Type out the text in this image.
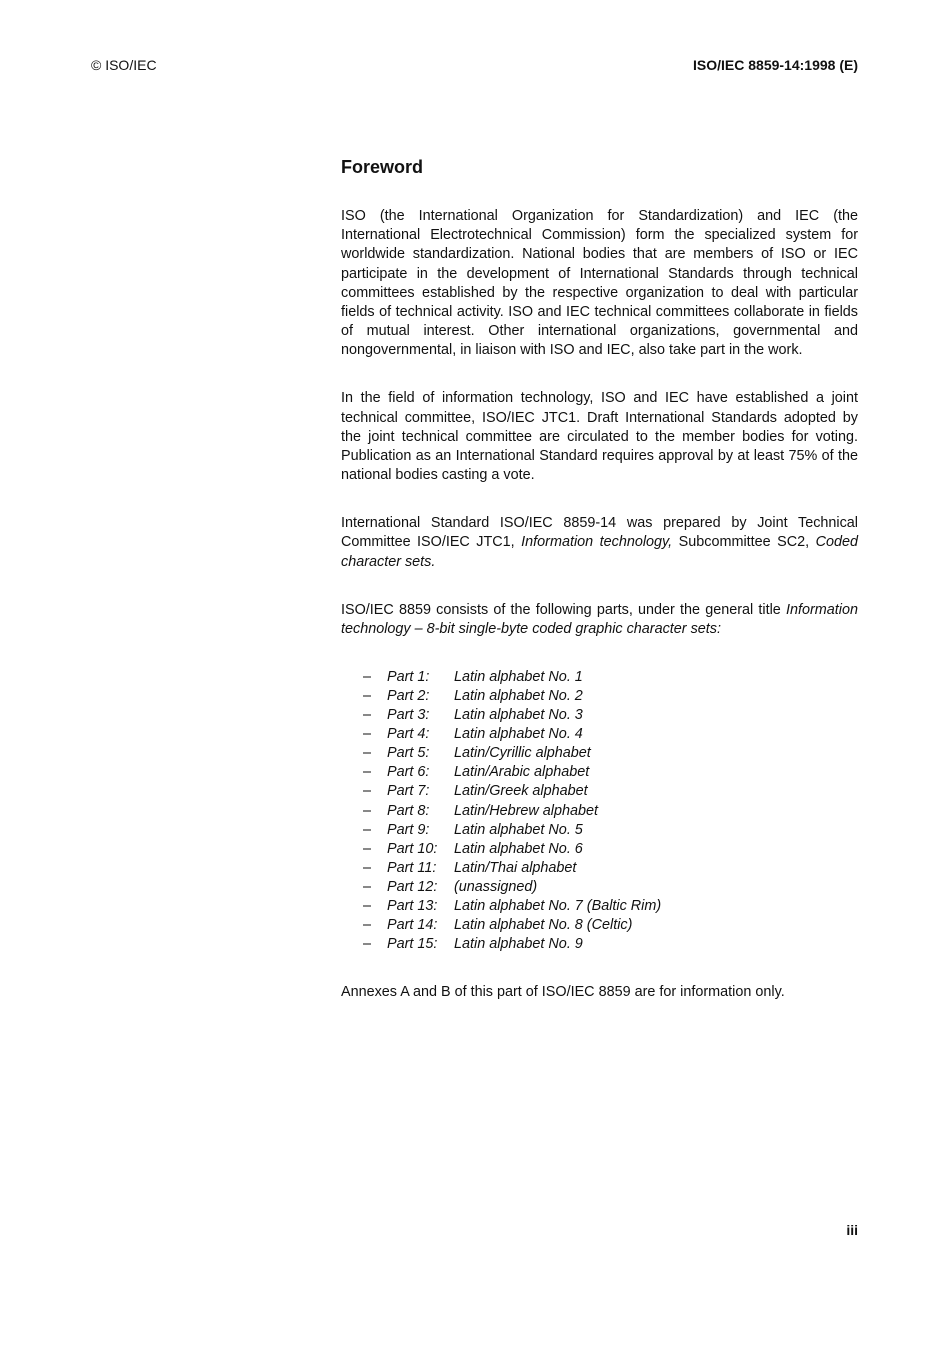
© ISO/IEC	ISO/IEC 8859-14:1998 (E)
Foreword

ISO (the International Organization for Standardization) and IEC (the International Electrotechnical Commission) form the specialized system for worldwide standardization. National bodies that are members of ISO or IEC participate in the development of International Standards through technical committees established by the respective organization to deal with particular fields of technical activity. ISO and IEC technical committees collaborate in fields of mutual interest. Other international organizations, governmental and nongovernmental, in liaison with ISO and IEC, also take part in the work.

In the field of information technology, ISO and IEC have established a joint technical committee, ISO/IEC JTC1. Draft International Standards adopted by the joint technical committee are circulated to the member bodies for voting. Publication as an International Standard requires approval by at least 75% of the national bodies casting a vote.

International Standard ISO/IEC 8859-14 was prepared by Joint Technical Committee ISO/IEC JTC1, Information technology, Subcommittee SC2, Coded character sets.

ISO/IEC 8859 consists of the following parts, under the general title Information technology – 8-bit single-byte coded graphic character sets:

–	Part 1:	Latin alphabet No. 1
–	Part 2:	Latin alphabet No. 2
–	Part 3:	Latin alphabet No. 3
–	Part 4:	Latin alphabet No. 4
–	Part 5:	Latin/Cyrillic alphabet
–	Part 6:	Latin/Arabic alphabet
–	Part 7:	Latin/Greek alphabet
–	Part 8:	Latin/Hebrew alphabet
–	Part 9:	Latin alphabet No. 5
–	Part 10:	Latin alphabet No. 6
–	Part 11:	Latin/Thai alphabet
–	Part 12:	(unassigned)
–	Part 13:	Latin alphabet No. 7 (Baltic Rim)
–	Part 14:	Latin alphabet No. 8 (Celtic)
–	Part 15:	Latin alphabet No. 9

Annexes A and B of this part of ISO/IEC 8859 are for information only.

iii
